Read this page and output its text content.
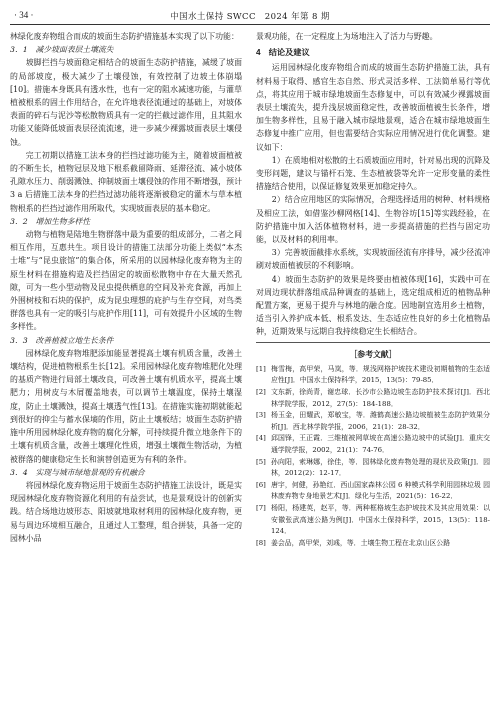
· 34 ·	中国水土保持 SWCC　2024 年第 8 期

林绿化废弃物组合而成的坡面生态防护措施基本实现了以下功能：

3．1　减少坡面表层土壤流失

坡脚拦挡与坡面稳定相结合的坡面生态防护措施，减缓了坡面的局部坡度，极大减少了土壤侵蚀，有效控制了边坡土体崩塌[10]。措施本身既具有透水性，也有一定的阻水减速功能，与灌草植被根系的固土作用结合，在允许地表径流通过的基础上，对坡体表面的碎石与泥沙等松散物质具有一定的拦截过滤作用，且其阻水功能又能降低坡面表层径流流速，进一步减少裸露坡面表层土壤侵蚀。

完工初期以措施工法本身的拦挡过滤功能为主，随着坡面植被的不断生长，植物冠层及地下根系截留降雨、延滞径流、减小坡体孔隙水压力、削弱溅蚀、抑制坡面土壤侵蚀的作用不断增强，预计 3 a 后措施工法本身的拦挡过滤功能将逐渐被稳定的灌木与草本植物根系的拦挡过滤作用所取代，实现坡面表层的基本稳定。

3．2　增加生物多样性

动物与植物是陆地生物群落中最为重要的组成部分，二者之间相互作用，互惠共生。项目设计的措施工法部分功能上类似“本杰士堆”与“昆虫旅馆”的集合体，所采用的以园林绿化废弃物为主的原生材料在措施构造及拦挡固定的坡面松散物中存在大量天然孔隙，可为一些小型动物及昆虫提供栖息的空间及补充食源，再加上外围树枝和石块的保护，成为昆虫理想的庇护与生存空间，对鸟类群落也具有一定的吸引与庇护作用[11]，可有效提升小区域的生物多样性。

3．3　改善植被立地生长条件

园林绿化废弃物堆肥添加能显著提高土壤有机质含量，改善土壤结构，促进植物根系生长[12]。采用园林绿化废弃物堆肥化处理的基质产物进行局部土壤改良，可改善土壤有机质水平，提高土壤肥力；用树皮与木屑覆盖地表，可以调节土壤温度，保持土壤湿度，防止土壤溅蚀，提高土壤透气性[13]。在措施实施初期就能起到很好的抑尘与蓄水保墒的作用，防止土壤板结；坡面生态防护措施中所用园林绿化废弃物的腐化分解，可持续提升微立地条件下的土壤有机质含量，改善土壤理化性质，增强土壤微生物活动，为植被群落的健康稳定生长和演替创造更为有利的条件。

3．4　实现与城市绿地景观的有机融合

将园林绿化废弃物运用于坡面生态防护措施工法设计，既是实现园林绿化废弃物资源化利用的有益尝试，也是景观设计的创新实践。结合场地边坡形态、阳坡就地取材利用的园林绿化废弃物，更易与周边环境相互融合，且通过人工整理，组合拼装，具备一定的园林小品

景观功能，在一定程度上为场地注入了活力与野趣。

4　结论及建议

运用园林绿化废弃物组合而成的坡面生态防护措施工法，具有材料易于取得、感官生态自然、形式灵活多样、工法简单易行等优点，将其应用于城市绿地坡面生态修复中，可以有效减少裸露坡面表层土壤流失，提升浅层坡面稳定性，改善坡面植被生长条件，增加生物多样性，且易于融入城市绿地景观，适合在城市绿地坡面生态修复中推广应用，但也需要结合实际应用情况进行优化调整。建议如下：

1）在质地相对松散的土石质坡面应用时，针对易出现的沉降及变形问题，建议与锚杆石笼、生态植被袋等允许一定形变量的柔性措施结合使用，以保证修复效果更加稳定持久。

2）结合应用地区的实际情况，合理选择适用的树种、材料规格及相应工法，如借鉴沙柳网格[14]、生物谷坊[15]等实践经验，在防护措施中加入活体植物材料，进一步提高措施的拦挡与固定功能，以及材料的利用率。

3）完善坡面截排水系统，实现坡面径流有序排导，减少径流冲刷对坡面植被层的不利影响。

4）坡面生态防护的效果是终要由植被体现[16]，实践中可在对周边现状群落组成品种调查的基础上，选定组成相近的植物品种配置方案，更易于提升与林地的融合度。因地制宜选用乡土植物，适当引入养护成本低、根系发达、生态适应性良好的乡土化植物品种，近期效果与远期自我持续稳定生长相结合。

［参考文献］
[1] 梅雪梅，高甲荣，马岚，等．规浅网格护坡技术建设初期植物的生态适应性[J]．中国水土保持科学，2015，13(5)：79-85．
[2] 文东新，徐尚青，谢忠球．长沙市公路边坡生态防护技术探讨[J]．西北林学院学报，2012，27(5)：184-188．
[3] 杨玉金，田耀武，郑敏宝，等．潍鹤高速公路边坡植被生态防护效果分析[J]．西北林学院学报，2006，21(1)：28-32．
[4] 邱国锋，王正霞．三维植被网草坡在高速公路边坡中的试验[J]．重庆交通学院学报，2002，21(1)：74-76．
[5] 孙向阳，索琳娜，徐佳，等．园林绿化废弃物处理的现状及政策[J]．园林，2012(2)：12-17．
[6] 唐宇，何健，孙艳红．西山国家森林公园 6 种模式科学利用园林垃圾 园林废弃物专身地景艺术[J]．绿化与生活，2021(5)：16-22．
[7] 杨阳，杨建英，赵平，等．两种框格坡生态护坡技术及其应用效果：以安徽张武高速公路为例[J]．中国水土保持科学，2015，13(5)：118-124．
[8] 姜会品，高甲荣，刘彧，等．土壤生物工程在北京山区公路
